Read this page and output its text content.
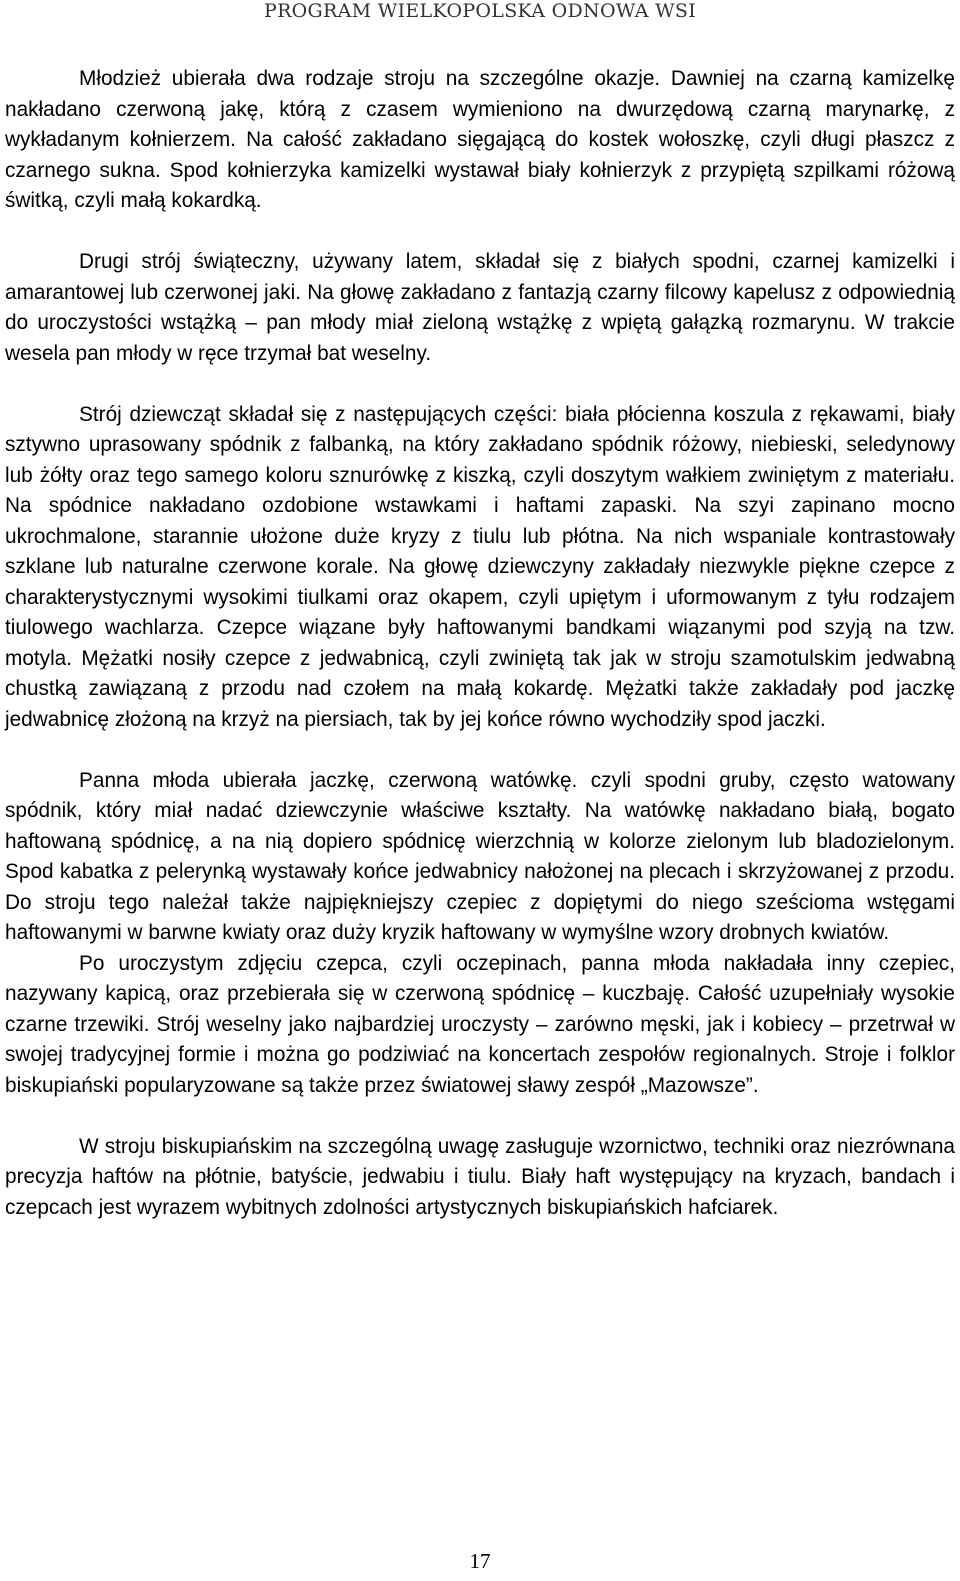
PROGRAM WIELKOPOLSKA ODNOWA WSI

Młodzież ubierała dwa rodzaje stroju na szczególne okazje. Dawniej na czarną kamizelkę nakładano czerwoną jakę, którą z czasem wymieniono na dwurzędową czarną marynarkę, z wykładanym kołnierzem. Na całość zakładano sięgającą do kostek wołoszkę, czyli długi płaszcz z czarnego sukna. Spod kołnierzyka kamizelki wystawał biały kołnierzyk z przypiętą szpilkami różową świtką, czyli małą kokardką.

Drugi strój świąteczny, używany latem, składał się z białych spodni, czarnej kamizelki i amarantowej lub czerwonej jaki. Na głowę zakładano z fantazją czarny filcowy kapelusz z odpowiednią do uroczystości wstążką – pan młody miał zieloną wstążkę z wpiętą gałązką rozmarynu. W trakcie wesela pan młody w ręce trzymał bat weselny.

Strój dziewcząt składał się z następujących części: biała płócienna koszula z rękawami, biały sztywno uprasowany spódnik z falbanką, na który zakładano spódnik różowy, niebieski, seledynowy lub żółty oraz tego samego koloru sznurówkę z kiszką, czyli doszytym wałkiem zwiniętym z materiału. Na spódnice nakładano ozdobione wstawkami i haftami zapaski. Na szyi zapinano mocno ukrochmalone, starannie ułożone duże kryzy z tiulu lub płótna. Na nich wspaniale kontrastowały szklane lub naturalne czerwone korale. Na głowę dziewczyny zakładały niezwykle piękne czepce z charakterystycznymi wysokimi tiulkami oraz okapem, czyli upiętym i uformowanym z tyłu rodzajem tiulowego wachlarza. Czepce wiązane były haftowanymi bandkami wiązanymi pod szyją na tzw. motyla. Mężatki nosiły czepce z jedwabnicą, czyli zwiniętą tak jak w stroju szamotulskim jedwabną chustką zawiązaną z przodu nad czołem na małą kokardę. Mężatki także zakładały pod jaczkę jedwabnicę złożoną na krzyż na piersiach, tak by jej końce równo wychodziły spod jaczki.

Panna młoda ubierała jaczkę, czerwoną watówkę. czyli spodni gruby, często watowany spódnik, który miał nadać dziewczynie właściwe kształty. Na watówkę nakładano białą, bogato haftowaną spódnicę, a na nią dopiero spódnicę wierzchnią w kolorze zielonym lub bladozielonym. Spod kabatka z pelerynką wystawały końce jedwabnicy nałożonej na plecach i skrzyżowanej z przodu. Do stroju tego należał także najpiękniejszy czepiec z dopiętymi do niego sześcioma wstęgami haftowanymi w barwne kwiaty oraz duży kryzik haftowany w wymyślne wzory drobnych kwiatów.

Po uroczystym zdjęciu czepca, czyli oczepinach, panna młoda nakładała inny czepiec, nazywany kapicą, oraz przebierała się w czerwoną spódnicę – kuczbaję. Całość uzupełniały wysokie czarne trzewiki. Strój weselny jako najbardziej uroczysty – zarówno męski, jak i kobiecy – przetrwał w swojej tradycyjnej formie i można go podziwiać na koncertach zespołów regionalnych. Stroje i folklor biskupiański popularyzowane są także przez światowej sławy zespół „Mazowsze”.

W stroju biskupiańskim na szczególną uwagę zasługuje wzornictwo, techniki oraz niezrównana precyzja haftów na płótnie, batyście, jedwabiu i tiulu. Biały haft występujący na kryzach, bandach i czepcach jest wyrazem wybitnych zdolności artystycznych biskupiańskich hafciarek.

17
